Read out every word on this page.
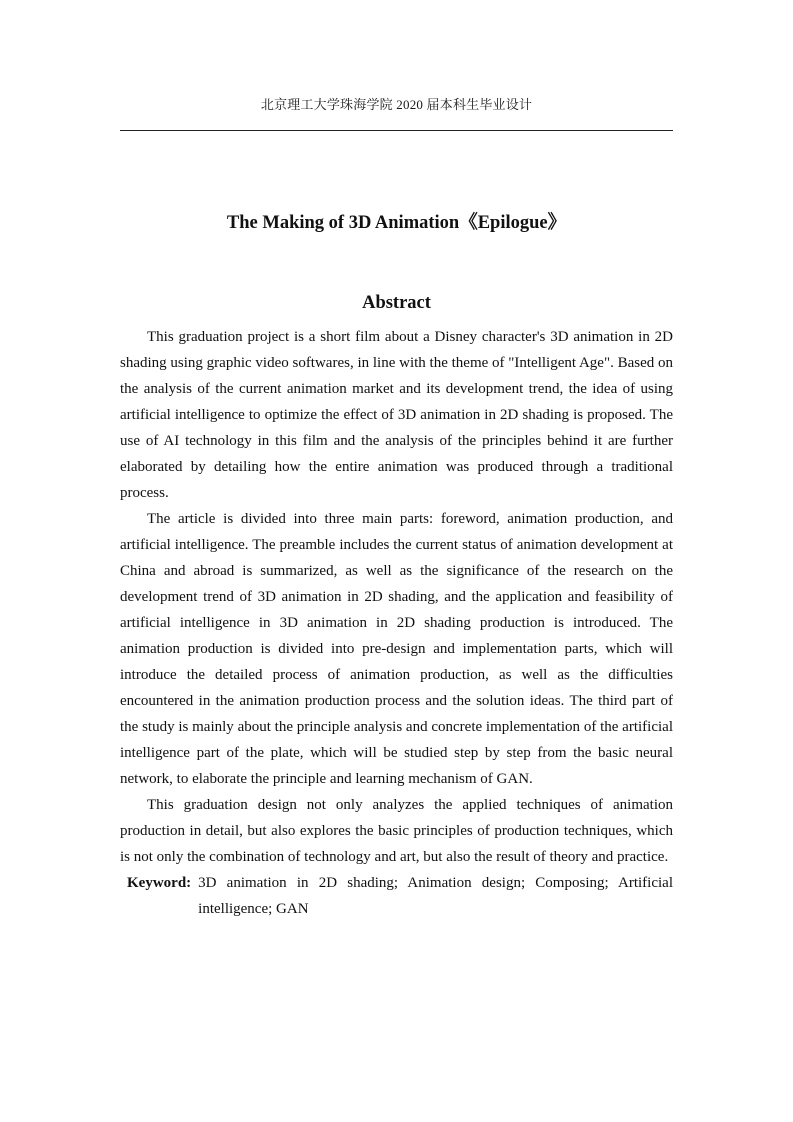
北京理工大学珠海学院 2020 届本科生毕业设计
The Making of 3D Animation《Epilogue》
Abstract

This graduation project is a short film about a Disney character's 3D animation in 2D shading using graphic video softwares, in line with the theme of "Intelligent Age". Based on the analysis of the current animation market and its development trend, the idea of using artificial intelligence to optimize the effect of 3D animation in 2D shading is proposed. The use of AI technology in this film and the analysis of the principles behind it are further elaborated by detailing how the entire animation was produced through a traditional process.

The article is divided into three main parts: foreword, animation production, and artificial intelligence. The preamble includes the current status of animation development at China and abroad is summarized, as well as the significance of the research on the development trend of 3D animation in 2D shading, and the application and feasibility of artificial intelligence in 3D animation in 2D shading production is introduced. The animation production is divided into pre-design and implementation parts, which will introduce the detailed process of animation production, as well as the difficulties encountered in the animation production process and the solution ideas. The third part of the study is mainly about the principle analysis and concrete implementation of the artificial intelligence part of the plate, which will be studied step by step from the basic neural network, to elaborate the principle and learning mechanism of GAN.

This graduation design not only analyzes the applied techniques of animation production in detail, but also explores the basic principles of production techniques, which is not only the combination of technology and art, but also the result of theory and practice.

Keyword: 3D animation in 2D shading; Animation design; Composing; Artificial intelligence; GAN
